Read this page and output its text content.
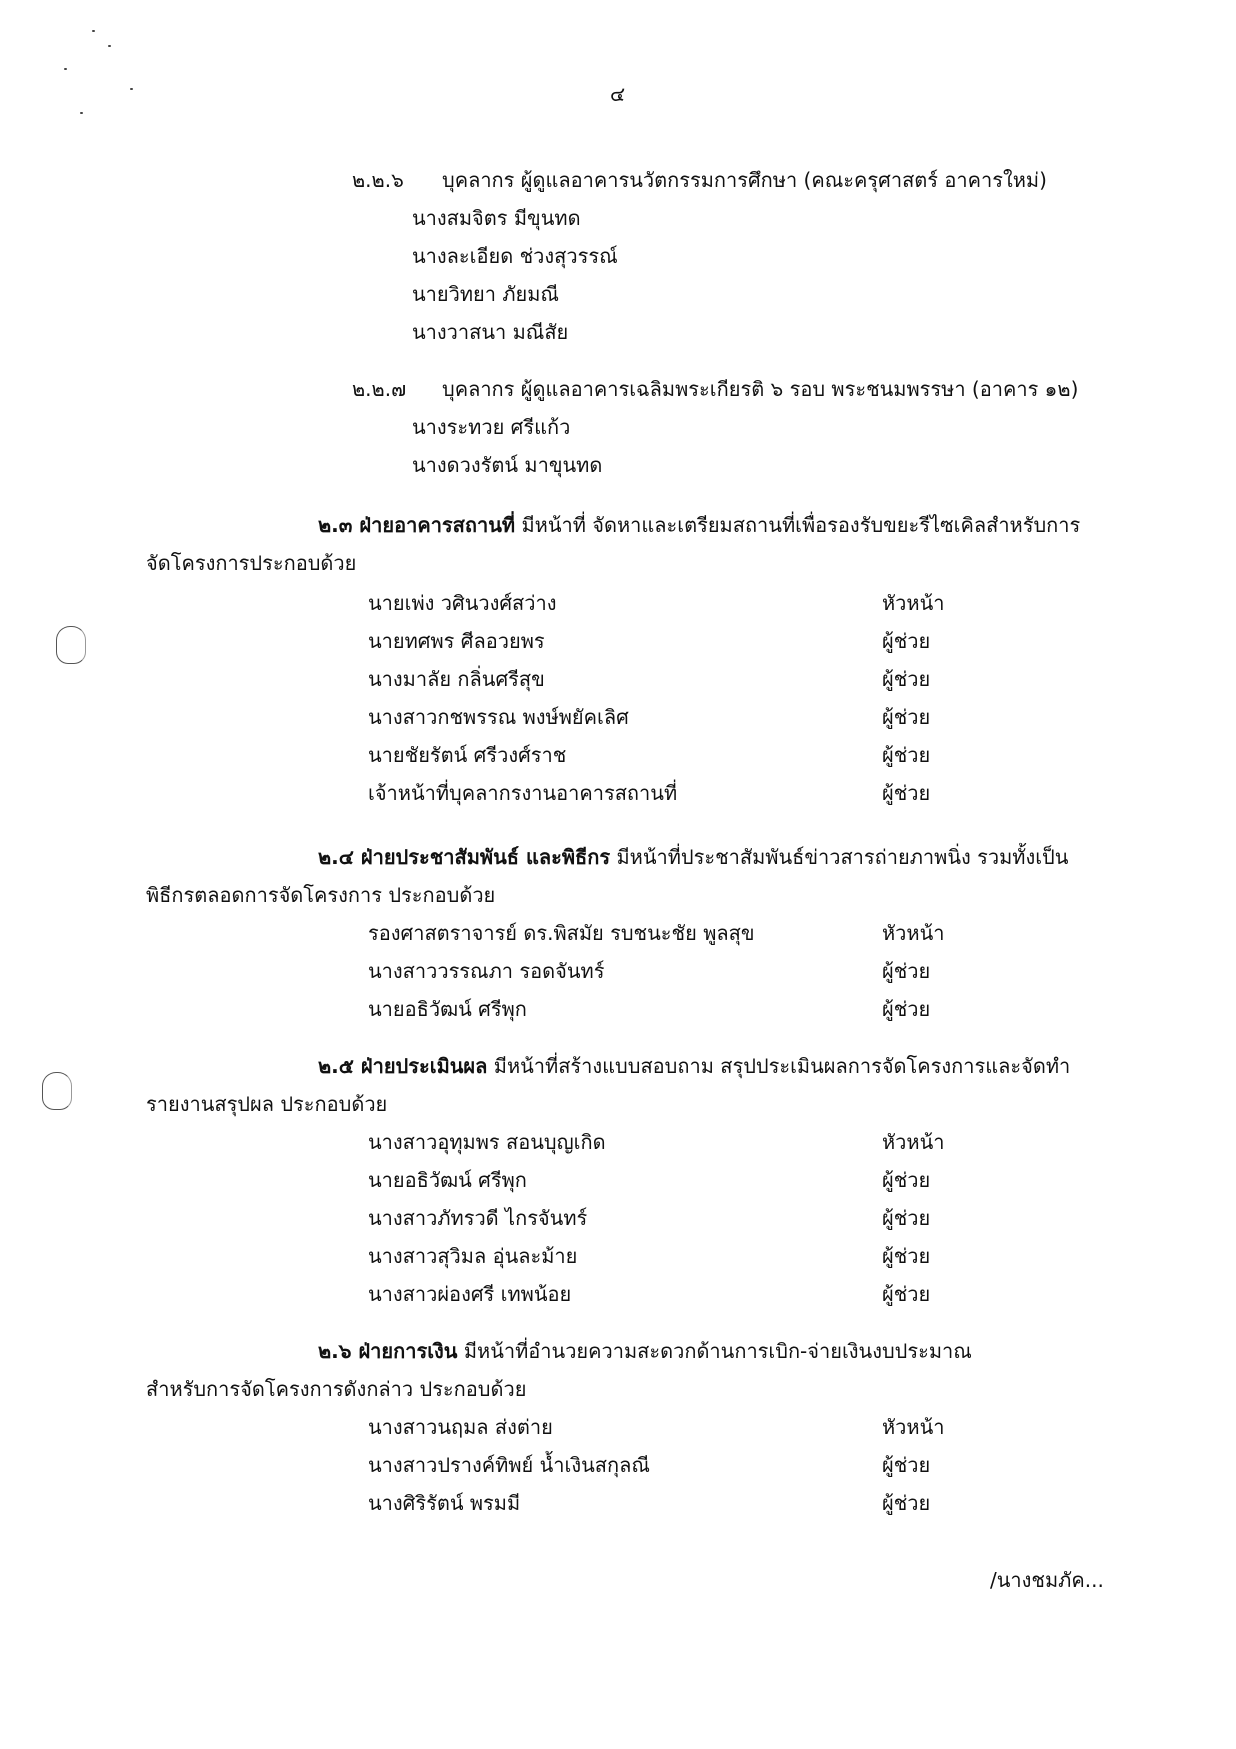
๔
๒.๒.๖ บุคลากร ผู้ดูแลอาคารนวัตกรรมการศึกษา (คณะครุศาสตร์ อาคารใหม่)
นางสมจิตร มีขุนทด
นางละเอียด ช่วงสุวรรณ์
นายวิทยา ภัยมณี
นางวาสนา มณีสัย
๒.๒.๗ บุคลากร ผู้ดูแลอาคารเฉลิมพระเกียรติ ๖ รอบ พระชนมพรรษา (อาคาร ๑๒)
นางระทวย ศรีแก้ว
นางดวงรัตน์ มาขุนทด
๒.๓ ฝ่ายอาคารสถานที่ มีหน้าที่ จัดหาและเตรียมสถานที่เพื่อรองรับขยะรีไซเคิลสำหรับการ
จัดโครงการประกอบด้วย
นายเพ่ง วศินวงศ์สว่าง	หัวหน้า
นายทศพร ศีลอวยพร	ผู้ช่วย
นางมาลัย กลิ่นศรีสุข	ผู้ช่วย
นางสาวกชพรรณ พงษ์พยัคเลิศ	ผู้ช่วย
นายชัยรัตน์ ศรีวงศ์ราช	ผู้ช่วย
เจ้าหน้าที่บุคลากรงานอาคารสถานที่	ผู้ช่วย
๒.๔ ฝ่ายประชาสัมพันธ์ และพิธีกร มีหน้าที่ประชาสัมพันธ์ข่าวสารถ่ายภาพนิ่ง รวมทั้งเป็น
พิธีกรตลอดการจัดโครงการ ประกอบด้วย
รองศาสตราจารย์ ดร.พิสมัย รบชนะชัย พูลสุข	หัวหน้า
นางสาววรรณภา รอดจันทร์	ผู้ช่วย
นายอธิวัฒน์ ศรีพุก	ผู้ช่วย
๒.๕ ฝ่ายประเมินผล มีหน้าที่สร้างแบบสอบถาม สรุปประเมินผลการจัดโครงการและจัดทำ
รายงานสรุปผล ประกอบด้วย
นางสาวอุทุมพร สอนบุญเกิด	หัวหน้า
นายอธิวัฒน์ ศรีพุก	ผู้ช่วย
นางสาวภัทรวดี ไกรจันทร์	ผู้ช่วย
นางสาวสุวิมล อุ่นละม้าย	ผู้ช่วย
นางสาวผ่องศรี เทพน้อย	ผู้ช่วย
๒.๖ ฝ่ายการเงิน มีหน้าที่อำนวยความสะดวกด้านการเบิก-จ่ายเงินงบประมาณ
สำหรับการจัดโครงการดังกล่าว ประกอบด้วย
นางสาวนฤมล ส่งต่าย	หัวหน้า
นางสาวปรางค์ทิพย์ น้ำเงินสกุลณี	ผู้ช่วย
นางศิริรัตน์ พรมมี	ผู้ช่วย
/นางชมภัค...
